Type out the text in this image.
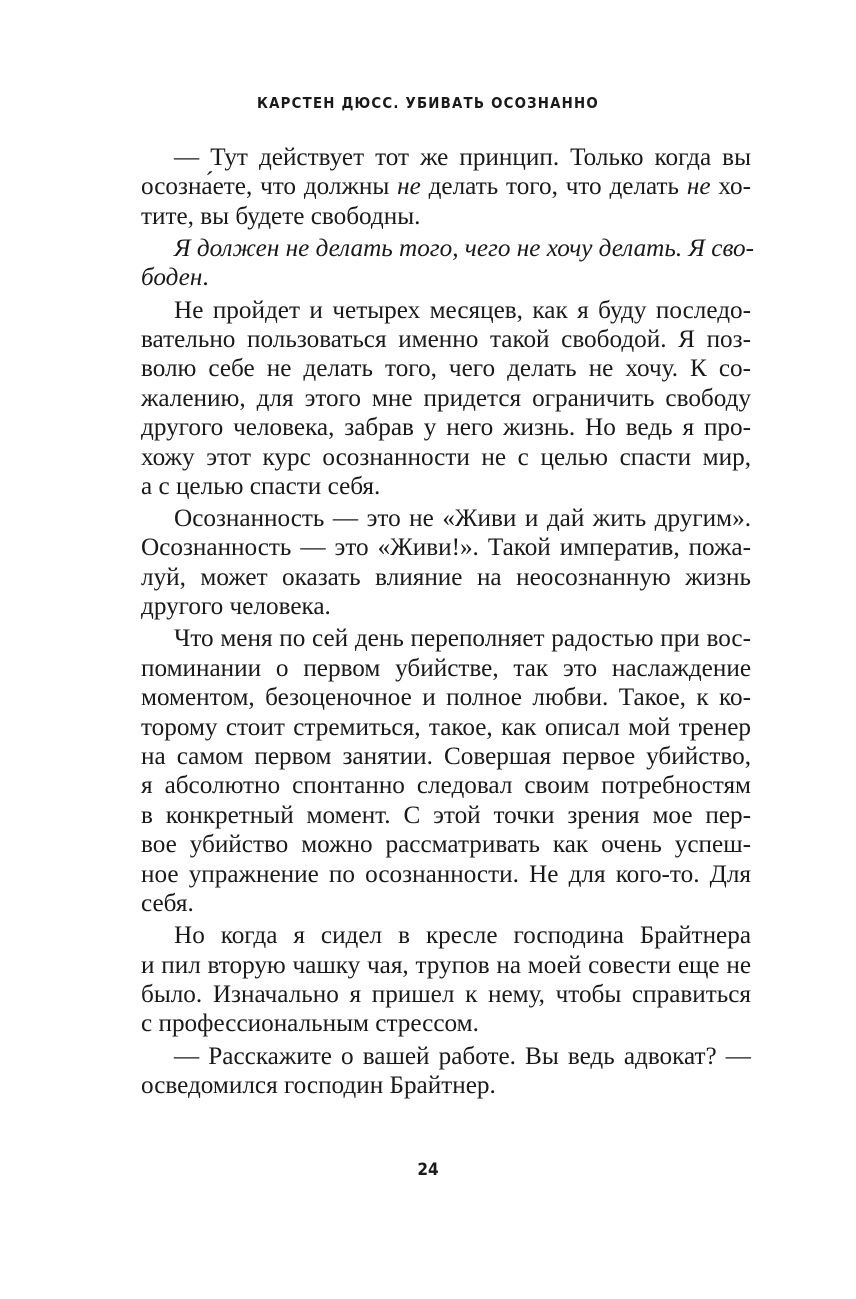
КАРСТЕН ДЮСС. УБИВАТЬ ОСОЗНАННО
— Тут действует тот же принцип. Только когда вы
осозна́ете, что должны не делать того, что делать не хо-
тите, вы будете свободны.
Я должен не делать того, чего не хочу делать. Я сво-
боден.
Не пройдет и четырех месяцев, как я буду последо-
вательно пользоваться именно такой свободой. Я поз-
волю себе не делать того, чего делать не хочу. К со-
жалению, для этого мне придется ограничить свободу
другого человека, забрав у него жизнь. Но ведь я про-
хожу этот курс осознанности не с целью спасти мир,
а с целью спасти себя.
Осознанность — это не «Живи и дай жить другим».
Осознанность — это «Живи!». Такой императив, пожа-
луй, может оказать влияние на неосознанную жизнь
другого человека.
Что меня по сей день переполняет радостью при вос-
поминании о первом убийстве, так это наслаждение
моментом, безоценочное и полное любви. Такое, к ко-
торому стоит стремиться, такое, как описал мой тренер
на самом первом занятии. Совершая первое убийство,
я абсолютно спонтанно следовал своим потребностям
в конкретный момент. С этой точки зрения мое пер-
вое убийство можно рассматривать как очень успеш-
ное упражнение по осознанности. Не для кого-то. Для
себя.
Но когда я сидел в кресле господина Брайтнера
и пил вторую чашку чая, трупов на моей совести еще не
было. Изначально я пришел к нему, чтобы справиться
с профессиональным стрессом.
— Расскажите о вашей работе. Вы ведь адвокат? —
осведомился господин Брайтнер.
24
